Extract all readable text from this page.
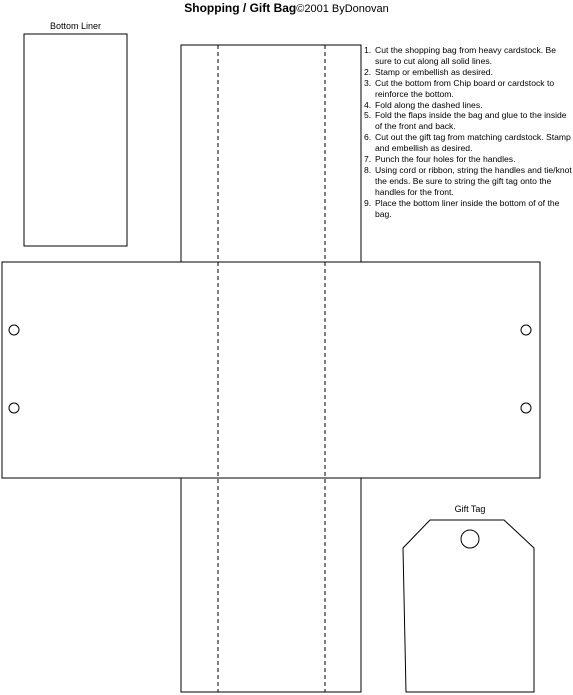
Shopping / Gift Bag©2001 ByDonovan
Bottom Liner
Gift Tag
1. Cut the shopping bag from heavy cardstock. Be sure to cut along all solid lines.
2. Stamp or embellish as desired.
3. Cut the bottom from Chip board or cardstock to reinforce the bottom.
4. Fold along the dashed lines.
5. Fold the flaps inside the bag and glue to the inside of the front and back.
6. Cut out the gift tag from matching cardstock. Stamp and embellish as desired.
7. Punch the four holes for the handles.
8. Using cord or ribbon, string the handles and tie/knot the ends. Be sure to string the gift tag onto the handles for the front.
9. Place the bottom liner inside the bottom of of the bag.
